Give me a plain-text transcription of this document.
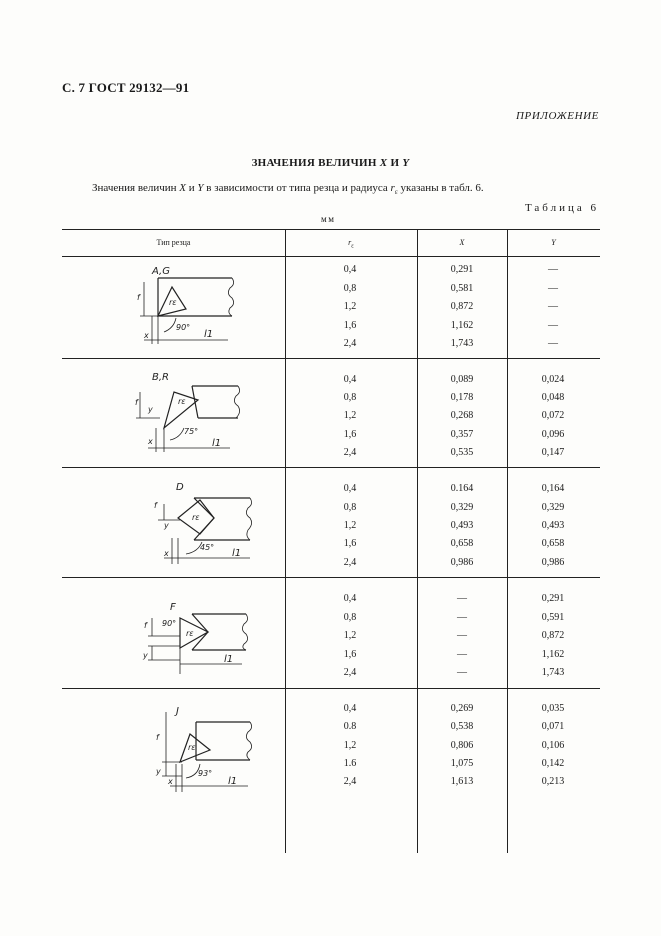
С. 7 ГОСТ 29132—91
ПРИЛОЖЕНИЕ
ЗНАЧЕНИЯ ВЕЛИЧИН X И Y
Значения величин X и Y в зависимости от типа резца и радиуса $r_\varepsilon$ указаны в табл. 6.
Таблица 6
мм
Тип резца	$r_\varepsilon$	X	Y
0,4	0,291	—
0,8	0,581	—
1,2	0,872	—
1,6	1,162	—
2,4	1,743	—
0,4	0,089	0,024
0,8	0,178	0,048
1,2	0,268	0,072
1,6	0,357	0,096
2,4	0,535	0,147
0,4	0.164	0,164
0,8	0,329	0,329
1,2	0,493	0,493
1,6	0,658	0,658
2,4	0,986	0,986
0,4	—	0,291
0,8	—	0,591
1,2	—	0,872
1,6	—	1,162
2,4	—	1,743
0,4	0,269	0,035
0.8	0,538	0,071
1,2	0,806	0,106
1.6	1,075	0,142
2,4	1,613	0,213
A,G
rε
f
x
90°
l1
B,R
rε
f
y
x
75°
l1
D
rε
f
y
x
45°
l1
F
rε
f 90°
y	l1
J
rε
f
y
x
93°
l1
